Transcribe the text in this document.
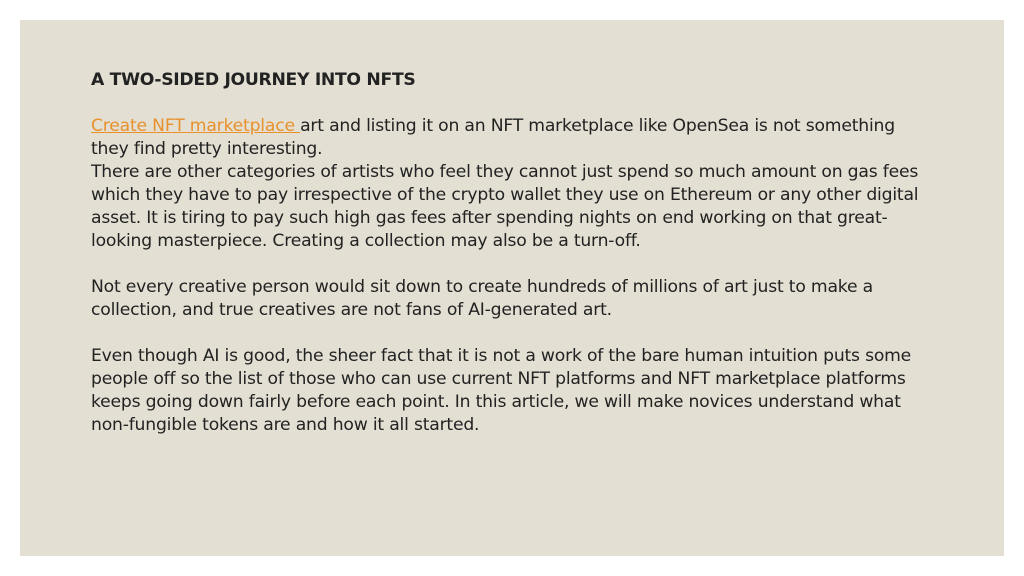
A TWO-SIDED JOURNEY INTO NFTS
Create NFT marketplace art and listing it on an NFT marketplace like OpenSea is not something they find pretty interesting.
There are other categories of artists who feel they cannot just spend so much amount on gas fees which they have to pay irrespective of the crypto wallet they use on Ethereum or any other digital asset. It is tiring to pay such high gas fees after spending nights on end working on that great-looking masterpiece. Creating a collection may also be a turn-off.
Not every creative person would sit down to create hundreds of millions of art just to make a collection, and true creatives are not fans of AI-generated art.
Even though AI is good, the sheer fact that it is not a work of the bare human intuition puts some people off so the list of those who can use current NFT platforms and NFT marketplace platforms keeps going down fairly before each point. In this article, we will make novices understand what non-fungible tokens are and how it all started.
